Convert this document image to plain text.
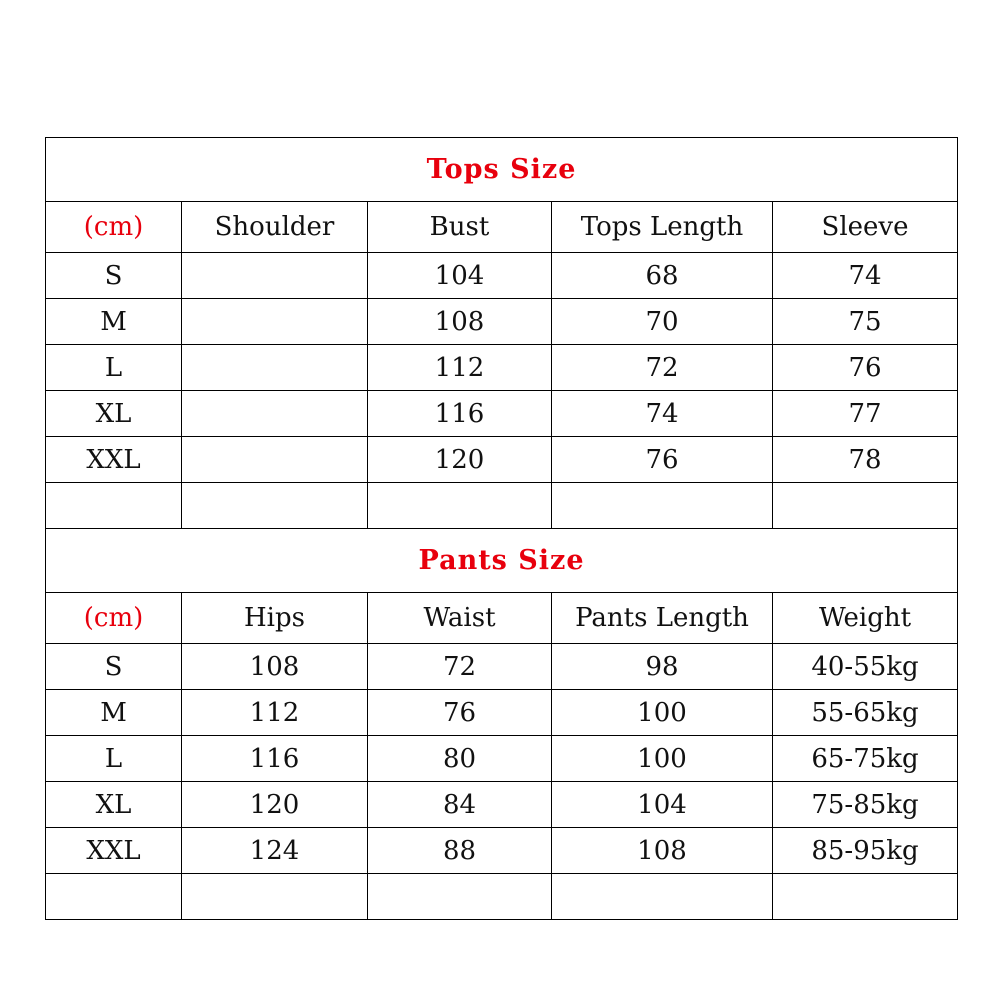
Tops Size				
(cm)	Shoulder	Bust	Tops Length	Sleeve
S		104	68	74
M		108	70	75
L		112	72	76
XL		116	74	77
XXL		120	76	78

Pants Size				
(cm)	Hips	Waist	Pants Length	Weight
S	108	72	98	40-55kg
M	112	76	100	55-65kg
L	116	80	100	65-75kg
XL	120	84	104	75-85kg
XXL	124	88	108	85-95kg
